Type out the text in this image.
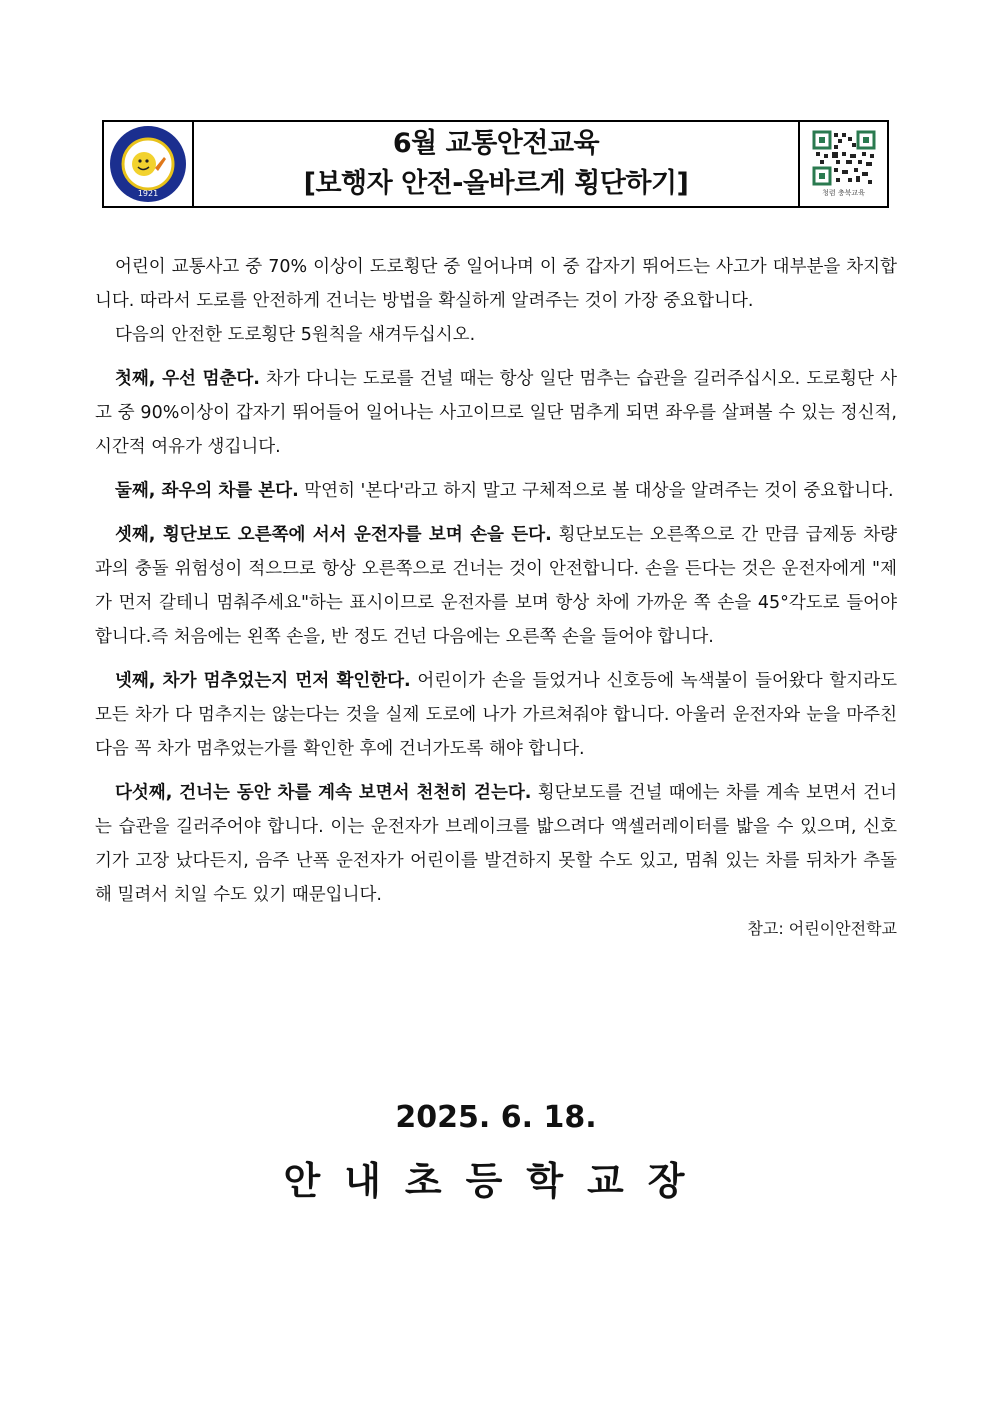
1921
6월 교통안전교육
[보행자 안전-올바르게 횡단하기]	청렴 충북교육

어린이 교통사고 중 70% 이상이 도로횡단 중 일어나며 이 중 갑자기 뛰어드는 사고가 대부분을 차지합니다. 따라서 도로를 안전하게 건너는 방법을 확실하게 알려주는 것이 가장 중요합니다.

다음의 안전한 도로횡단 5원칙을 새겨두십시오.

첫째, 우선 멈춘다. 차가 다니는 도로를 건널 때는 항상 일단 멈추는 습관을 길러주십시오. 도로횡단 사고 중 90%이상이 갑자기 뛰어들어 일어나는 사고이므로 일단 멈추게 되면 좌우를 살펴볼 수 있는 정신적, 시간적 여유가 생깁니다.

둘째, 좌우의 차를 본다. 막연히 '본다'라고 하지 말고 구체적으로 볼 대상을 알려주는 것이 중요합니다.

셋째, 횡단보도 오른쪽에 서서 운전자를 보며 손을 든다. 횡단보도는 오른쪽으로 간 만큼 급제동 차량과의 충돌 위험성이 적으므로 항상 오른쪽으로 건너는 것이 안전합니다. 손을 든다는 것은 운전자에게 "제가 먼저 갈테니 멈춰주세요"하는 표시이므로 운전자를 보며 항상 차에 가까운 쪽 손을 45°각도로 들어야 합니다.즉 처음에는 왼쪽 손을, 반 정도 건넌 다음에는 오른쪽 손을 들어야 합니다.

넷째, 차가 멈추었는지 먼저 확인한다. 어린이가 손을 들었거나 신호등에 녹색불이 들어왔다 할지라도 모든 차가 다 멈추지는 않는다는 것을 실제 도로에 나가 가르쳐줘야 합니다. 아울러 운전자와 눈을 마주친 다음 꼭 차가 멈추었는가를 확인한 후에 건너가도록 해야 합니다.

다섯째, 건너는 동안 차를 계속 보면서 천천히 걷는다. 횡단보도를 건널 때에는 차를 계속 보면서 건너는 습관을 길러주어야 합니다. 이는 운전자가 브레이크를 밟으려다 액셀러레이터를 밟을 수 있으며, 신호기가 고장 났다든지, 음주 난폭 운전자가 어린이를 발견하지 못할 수도 있고, 멈춰 있는 차를 뒤차가 추돌해 밀려서 치일 수도 있기 때문입니다.

참고: 어린이안전학교

2025. 6. 18.
안내초등학교장
